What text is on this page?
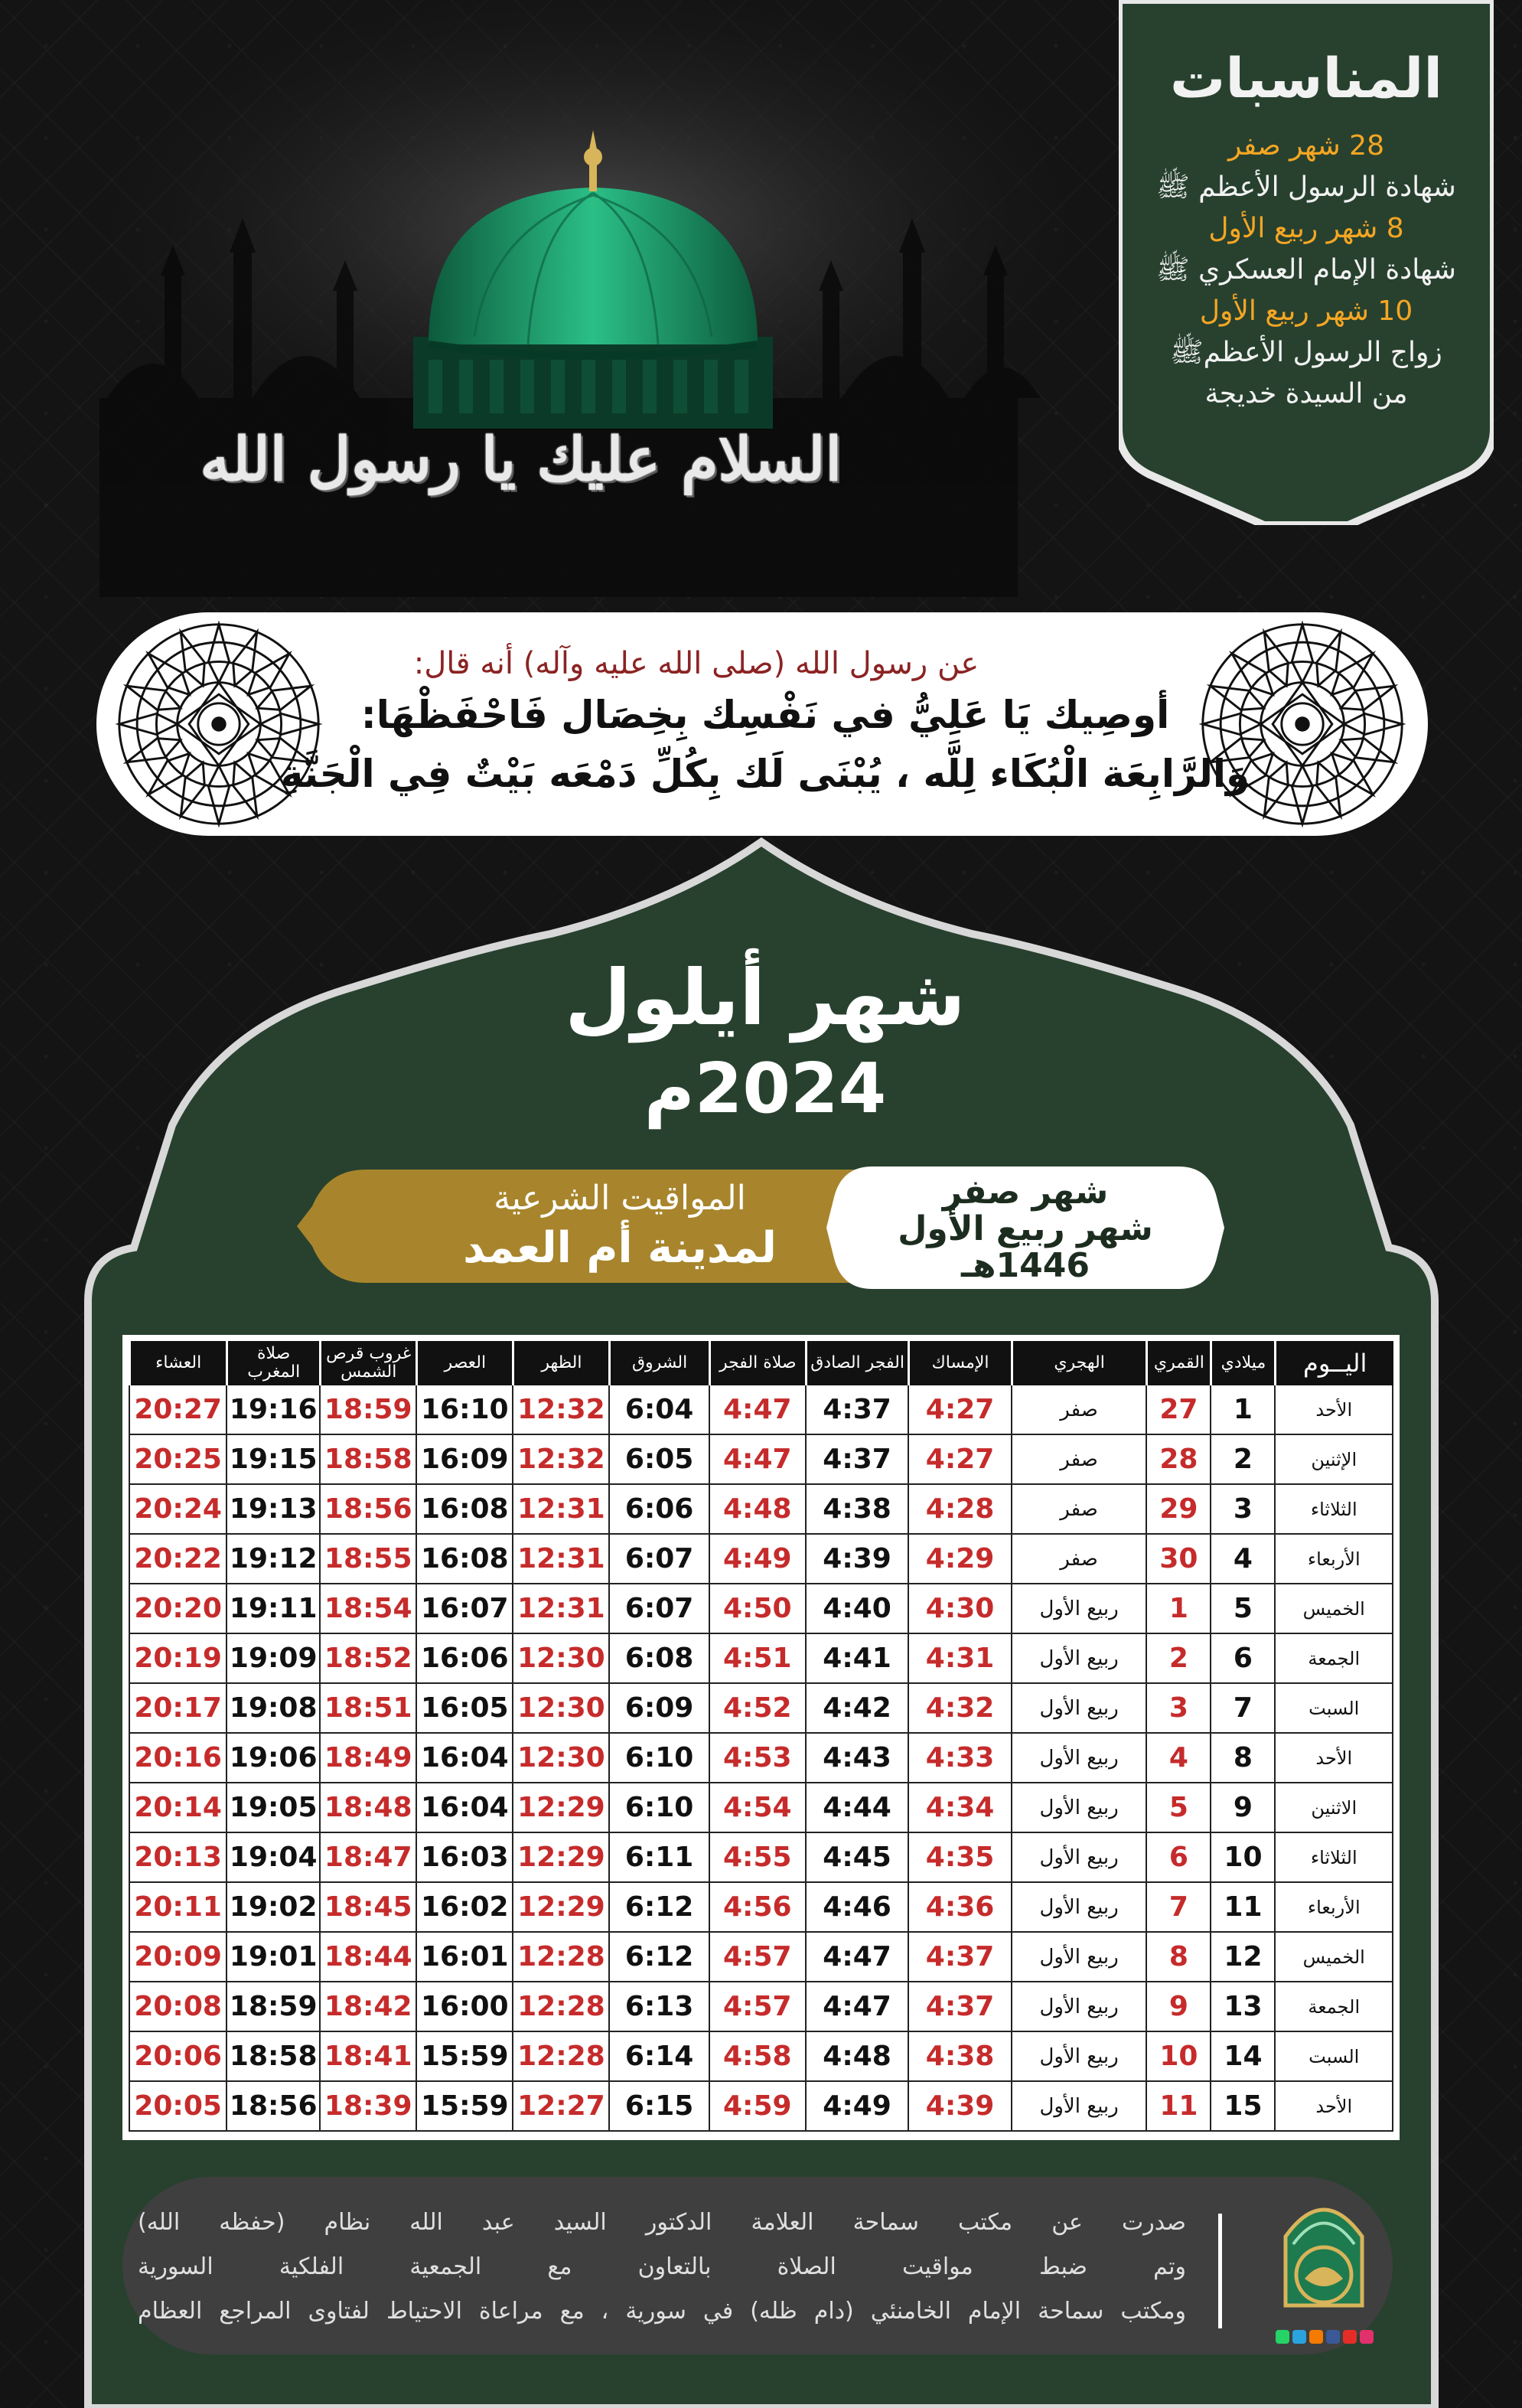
السلام عليك يا رسول الله
المناسبات
28 شهر صفر
شهادة الرسول الأعظم ﷺ
8 شهر ربيع الأول
شهادة الإمام العسكري ﷺ
10 شهر ربيع الأول
زواج الرسول الأعظمﷺ
من السيدة خديجة
عن رسول الله (صلى الله عليه وآله) أنه قال:
أوصِيك يَا عَلِيُّ في نَفْسِك بِخِصَال فَاحْفَظْهَا:
وَالرَّابِعَة الْبُكَاء لِلَّه ، يُبْنَى لَك بِكُلِّ دَمْعَه بَيْتٌ فِي الْجَنَّةِ
شهر أيلول
2024م
المواقيت الشرعية
لمدينة أم العمد
شهر صفر
شهر ربيع الأول
1446هـ
اليــوم	ميلادي	القمري	الهجري	الإمساك	الفجر الصادق	صلاة الفجر	الشروق	الظهر	العصر	غروب قرص الشمس	صلاة المغرب	العشاء
الأحد	1	27	صفر	4:27	4:37	4:47	6:04	12:32	16:10	18:59	19:16	20:27
الإثنين	2	28	صفر	4:27	4:37	4:47	6:05	12:32	16:09	18:58	19:15	20:25
الثلاثاء	3	29	صفر	4:28	4:38	4:48	6:06	12:31	16:08	18:56	19:13	20:24
الأربعاء	4	30	صفر	4:29	4:39	4:49	6:07	12:31	16:08	18:55	19:12	20:22
الخميس	5	1	ربيع الأول	4:30	4:40	4:50	6:07	12:31	16:07	18:54	19:11	20:20
الجمعة	6	2	ربيع الأول	4:31	4:41	4:51	6:08	12:30	16:06	18:52	19:09	20:19
السبت	7	3	ربيع الأول	4:32	4:42	4:52	6:09	12:30	16:05	18:51	19:08	20:17
الأحد	8	4	ربيع الأول	4:33	4:43	4:53	6:10	12:30	16:04	18:49	19:06	20:16
الاثنين	9	5	ربيع الأول	4:34	4:44	4:54	6:10	12:29	16:04	18:48	19:05	20:14
الثلاثاء	10	6	ربيع الأول	4:35	4:45	4:55	6:11	12:29	16:03	18:47	19:04	20:13
الأربعاء	11	7	ربيع الأول	4:36	4:46	4:56	6:12	12:29	16:02	18:45	19:02	20:11
الخميس	12	8	ربيع الأول	4:37	4:47	4:57	6:12	12:28	16:01	18:44	19:01	20:09
الجمعة	13	9	ربيع الأول	4:37	4:47	4:57	6:13	12:28	16:00	18:42	18:59	20:08
السبت	14	10	ربيع الأول	4:38	4:48	4:58	6:14	12:28	15:59	18:41	18:58	20:06
الأحد	15	11	ربيع الأول	4:39	4:49	4:59	6:15	12:27	15:59	18:39	18:56	20:05
صدرت عن مكتب سماحة العلامة الدكتور السيد عبد الله نظام (حفظه الله)
وتم ضبط مواقيت الصلاة بالتعاون مع الجمعية الفلكية السورية
ومكتب سماحة الإمام الخامنئي (دام ظله) في سورية ، مع مراعاة الاحتياط لفتاوى المراجع العظام
